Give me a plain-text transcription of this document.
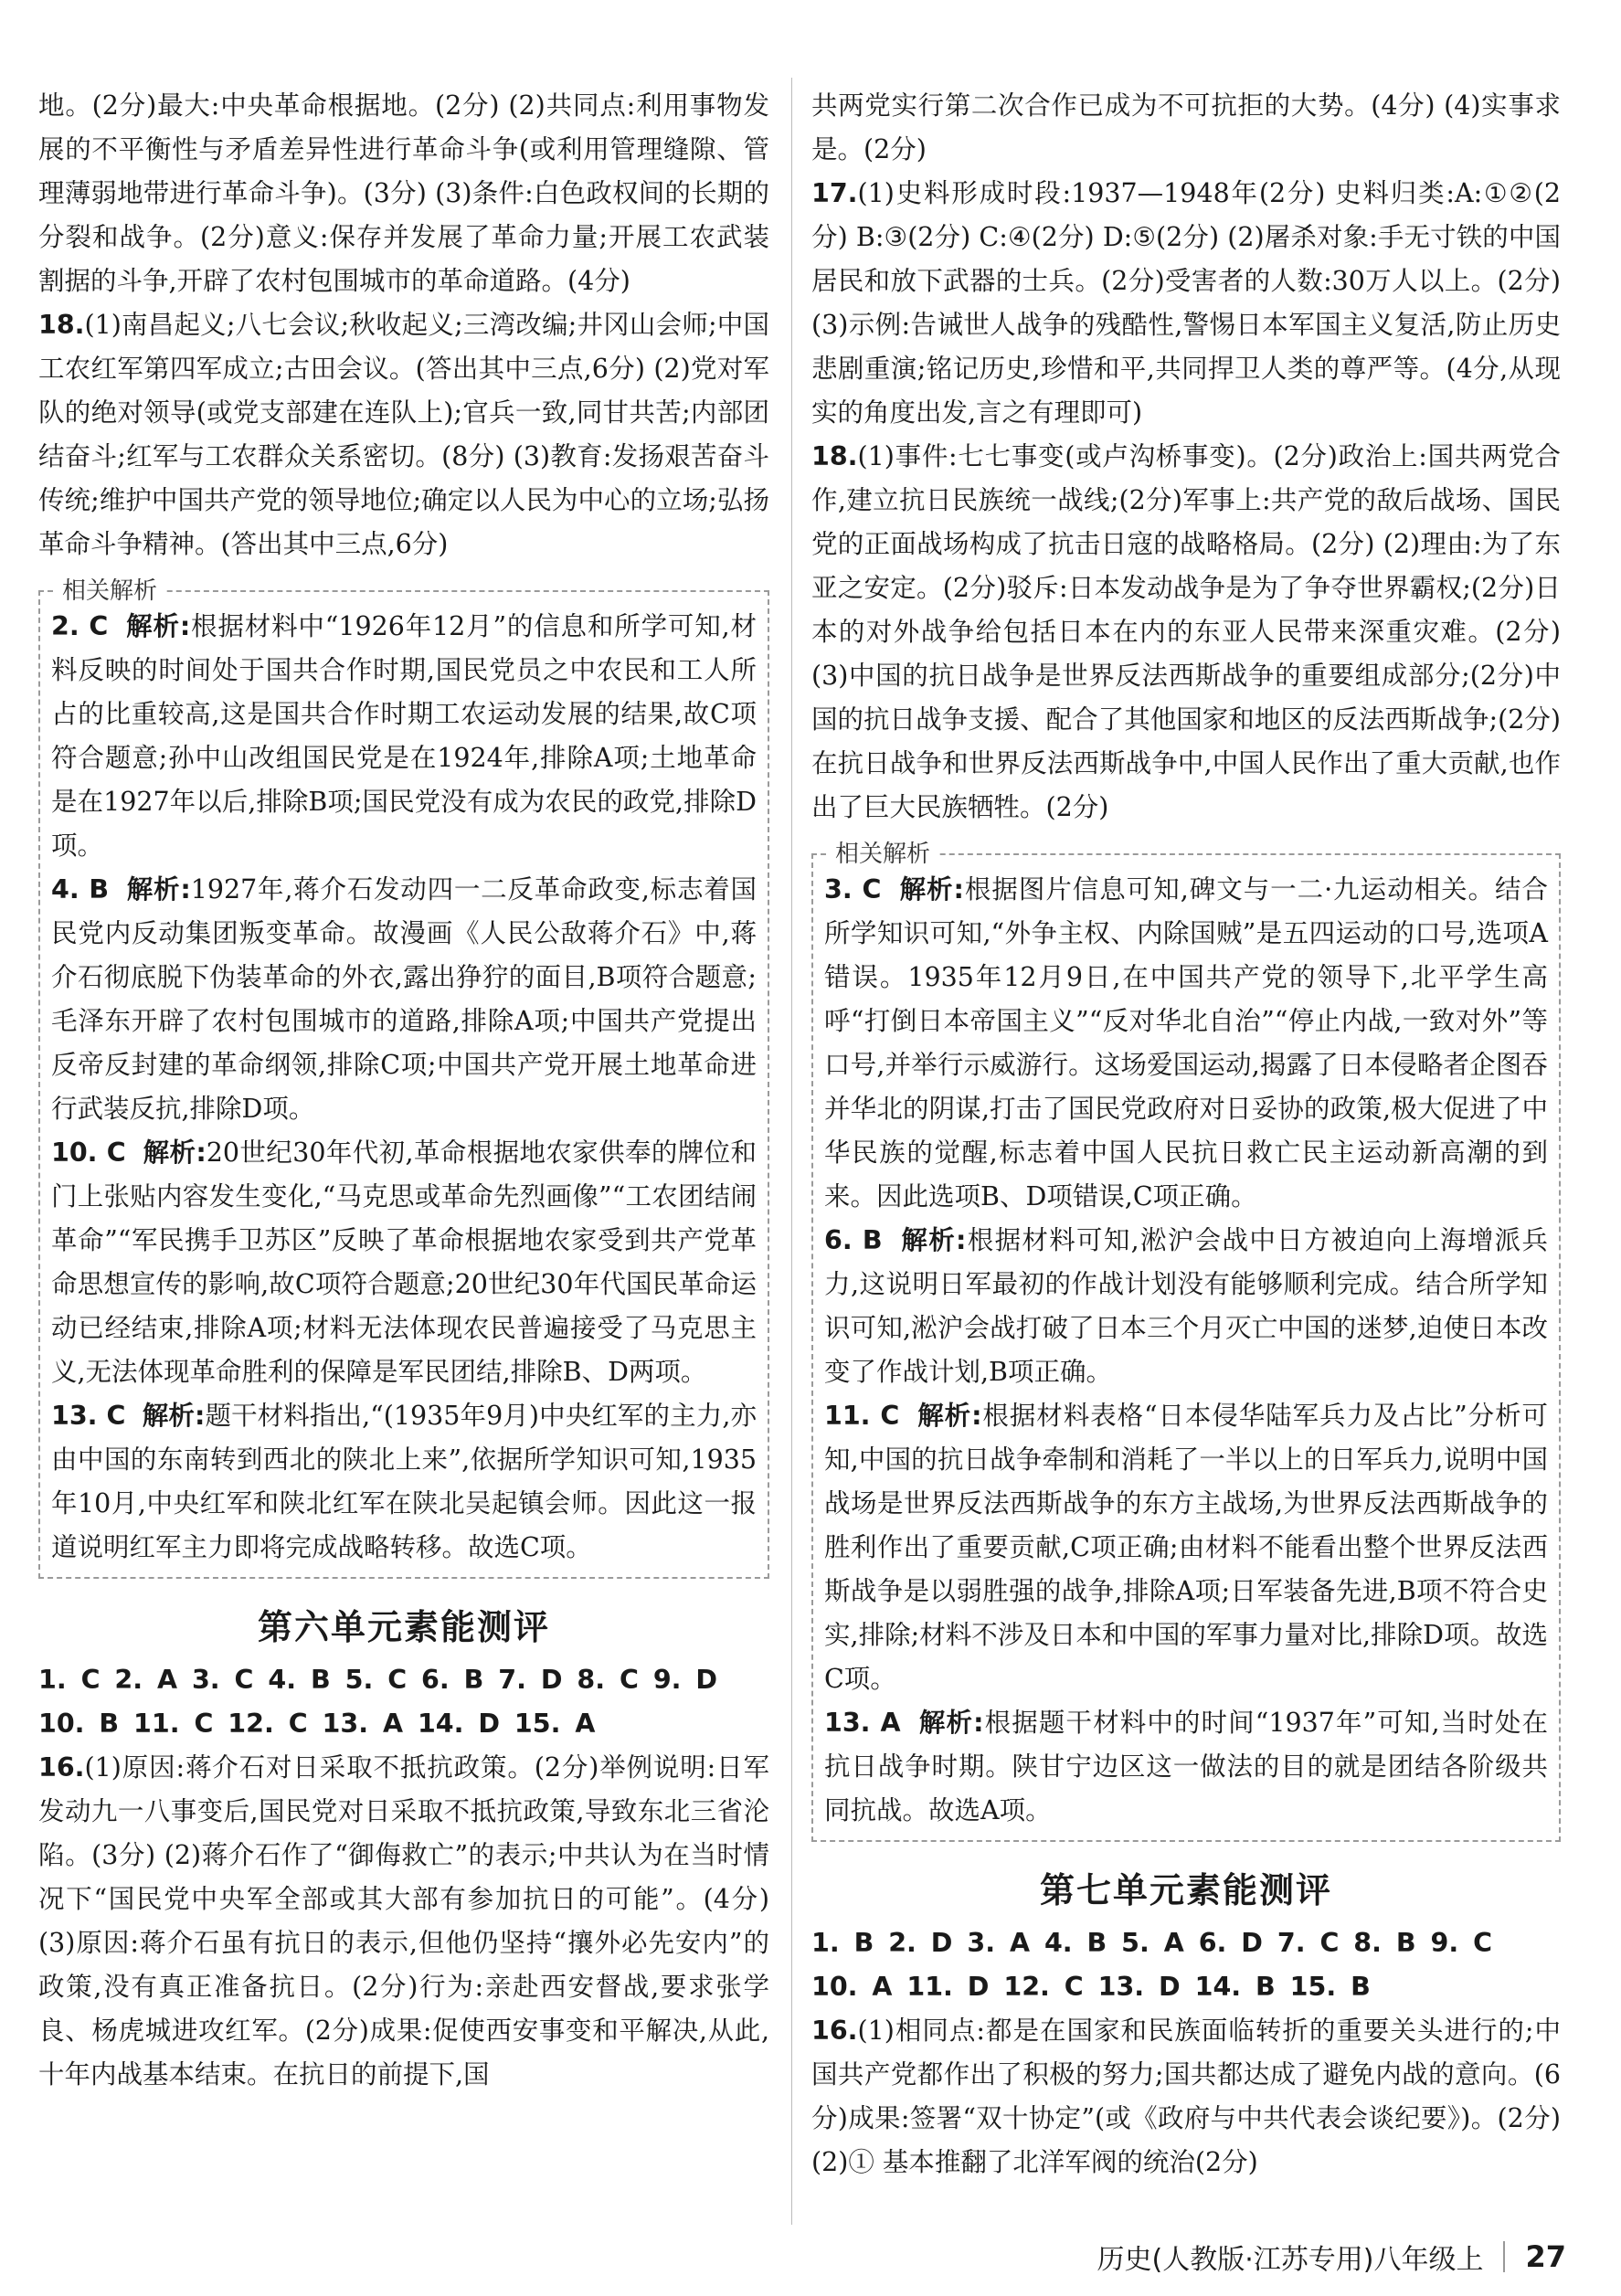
地。(2分)最大:中央革命根据地。(2分) (2)共同点:利用事物发展的不平衡性与矛盾差异性进行革命斗争(或利用管理缝隙、管理薄弱地带进行革命斗争)。(3分) (3)条件:白色政权间的长期的分裂和战争。(2分)意义:保存并发展了革命力量;开展工农武装割据的斗争,开辟了农村包围城市的革命道路。(4分)

18.(1)南昌起义;八七会议;秋收起义;三湾改编;井冈山会师;中国工农红军第四军成立;古田会议。(答出其中三点,6分) (2)党对军队的绝对领导(或党支部建在连队上);官兵一致,同甘共苦;内部团结奋斗;红军与工农群众关系密切。(8分) (3)教育:发扬艰苦奋斗传统;维护中国共产党的领导地位;确定以人民为中心的立场;弘扬革命斗争精神。(答出其中三点,6分)

相关解析

2. C 解析:根据材料中“1926年12月”的信息和所学可知,材料反映的时间处于国共合作时期,国民党员之中农民和工人所占的比重较高,这是国共合作时期工农运动发展的结果,故C项符合题意;孙中山改组国民党是在1924年,排除A项;土地革命是在1927年以后,排除B项;国民党没有成为农民的政党,排除D项。

4. B 解析:1927年,蒋介石发动四一二反革命政变,标志着国民党内反动集团叛变革命。故漫画《人民公敌蒋介石》中,蒋介石彻底脱下伪装革命的外衣,露出狰狞的面目,B项符合题意;毛泽东开辟了农村包围城市的道路,排除A项;中国共产党提出反帝反封建的革命纲领,排除C项;中国共产党开展土地革命进行武装反抗,排除D项。

10. C 解析:20世纪30年代初,革命根据地农家供奉的牌位和门上张贴内容发生变化,“马克思或革命先烈画像”“工农团结闹革命”“军民携手卫苏区”反映了革命根据地农家受到共产党革命思想宣传的影响,故C项符合题意;20世纪30年代国民革命运动已经结束,排除A项;材料无法体现农民普遍接受了马克思主义,无法体现革命胜利的保障是军民团结,排除B、D两项。

13. C 解析:题干材料指出,“(1935年9月)中央红军的主力,亦由中国的东南转到西北的陕北上来”,依据所学知识可知,1935年10月,中央红军和陕北红军在陕北吴起镇会师。因此这一报道说明红军主力即将完成战略转移。故选C项。

第六单元素能测评
1. C 2. A 3. C 4. B 5. C 6. B 7. D 8. C 9. D
10. B 11. C 12. C 13. A 14. D 15. A

16.(1)原因:蒋介石对日采取不抵抗政策。(2分)举例说明:日军发动九一八事变后,国民党对日采取不抵抗政策,导致东北三省沦陷。(3分) (2)蒋介石作了“御侮救亡”的表示;中共认为在当时情况下“国民党中央军全部或其大部有参加抗日的可能”。(4分) (3)原因:蒋介石虽有抗日的表示,但他仍坚持“攘外必先安内”的政策,没有真正准备抗日。(2分)行为:亲赴西安督战,要求张学良、杨虎城进攻红军。(2分)成果:促使西安事变和平解决,从此,十年内战基本结束。在抗日的前提下,国

共两党实行第二次合作已成为不可抗拒的大势。(4分) (4)实事求是。(2分)

17.(1)史料形成时段:1937—1948年(2分) 史料归类:A:①②(2分) B:③(2分) C:④(2分) D:⑤(2分) (2)屠杀对象:手无寸铁的中国居民和放下武器的士兵。(2分)受害者的人数:30万人以上。(2分) (3)示例:告诫世人战争的残酷性,警惕日本军国主义复活,防止历史悲剧重演;铭记历史,珍惜和平,共同捍卫人类的尊严等。(4分,从现实的角度出发,言之有理即可)

18.(1)事件:七七事变(或卢沟桥事变)。(2分)政治上:国共两党合作,建立抗日民族统一战线;(2分)军事上:共产党的敌后战场、国民党的正面战场构成了抗击日寇的战略格局。(2分) (2)理由:为了东亚之安定。(2分)驳斥:日本发动战争是为了争夺世界霸权;(2分)日本的对外战争给包括日本在内的东亚人民带来深重灾难。(2分) (3)中国的抗日战争是世界反法西斯战争的重要组成部分;(2分)中国的抗日战争支援、配合了其他国家和地区的反法西斯战争;(2分)在抗日战争和世界反法西斯战争中,中国人民作出了重大贡献,也作出了巨大民族牺牲。(2分)

相关解析

3. C 解析:根据图片信息可知,碑文与一二·九运动相关。结合所学知识可知,“外争主权、内除国贼”是五四运动的口号,选项A错误。1935年12月9日,在中国共产党的领导下,北平学生高呼“打倒日本帝国主义”“反对华北自治”“停止内战,一致对外”等口号,并举行示威游行。这场爱国运动,揭露了日本侵略者企图吞并华北的阴谋,打击了国民党政府对日妥协的政策,极大促进了中华民族的觉醒,标志着中国人民抗日救亡民主运动新高潮的到来。因此选项B、D项错误,C项正确。

6. B 解析:根据材料可知,淞沪会战中日方被迫向上海增派兵力,这说明日军最初的作战计划没有能够顺利完成。结合所学知识可知,淞沪会战打破了日本三个月灭亡中国的迷梦,迫使日本改变了作战计划,B项正确。

11. C 解析:根据材料表格“日本侵华陆军兵力及占比”分析可知,中国的抗日战争牵制和消耗了一半以上的日军兵力,说明中国战场是世界反法西斯战争的东方主战场,为世界反法西斯战争的胜利作出了重要贡献,C项正确;由材料不能看出整个世界反法西斯战争是以弱胜强的战争,排除A项;日军装备先进,B项不符合史实,排除;材料不涉及日本和中国的军事力量对比,排除D项。故选C项。

13. A 解析:根据题干材料中的时间“1937年”可知,当时处在抗日战争时期。陕甘宁边区这一做法的目的就是团结各阶级共同抗战。故选A项。

第七单元素能测评
1. B 2. D 3. A 4. B 5. A 6. D 7. C 8. B 9. C
10. A 11. D 12. C 13. D 14. B 15. B

16.(1)相同点:都是在国家和民族面临转折的重要关头进行的;中国共产党都作出了积极的努力;国共都达成了避免内战的意向。(6分)成果:签署“双十协定”(或《政府与中共代表会谈纪要》)。(2分) (2)① 基本推翻了北洋军阀的统治(2分)

历史(人教版·江苏专用)八年级上 27
